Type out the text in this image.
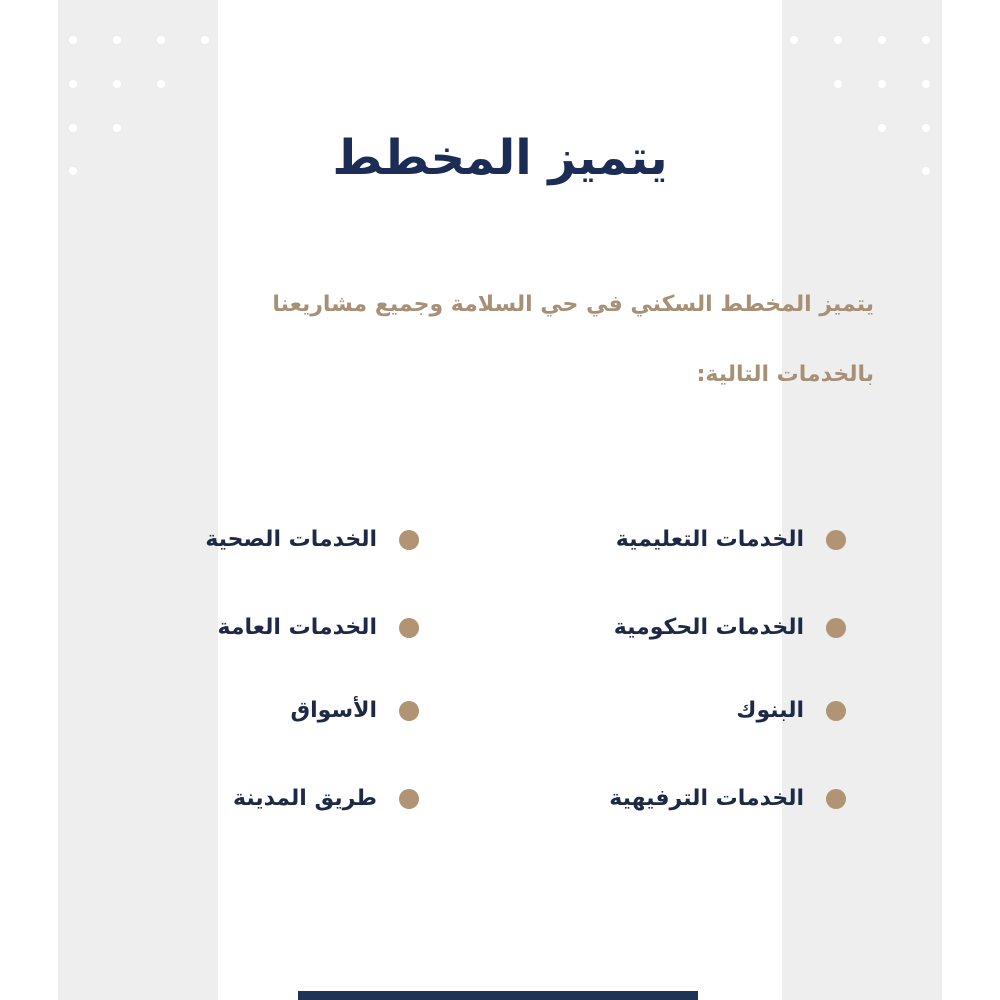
يتميز المخطط
يتميز المخطط السكني في حي السلامة وجميع مشاريعنا
بالخدمات التالية:
الخدمات التعليمية
الخدمات الحكومية
البنوك
الخدمات الترفيهية
الخدمات الصحية
الخدمات العامة
الأسواق
طريق المدينة
